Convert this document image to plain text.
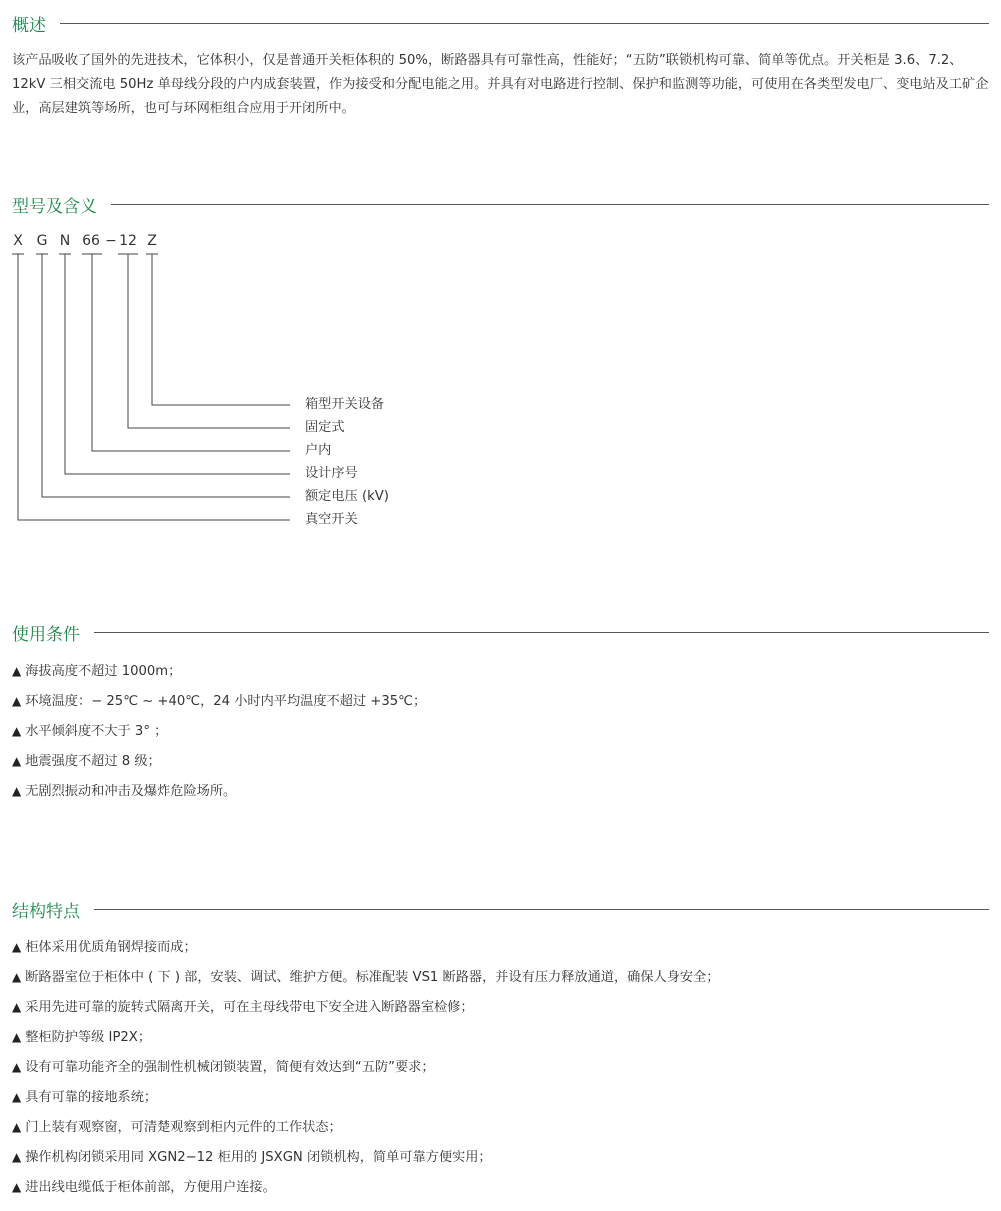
概述
该产品吸收了国外的先进技术，它体积小，仅是普通开关柜体积的 50%，断路器具有可靠性高，性能好；“五防”联锁机构可靠、简单等优点。开关柜是 3.6、7.2、12kV 三相交流电 50Hz 单母线分段的户内成套装置，作为接受和分配电能之用。并具有对电路进行控制、保护和监测等功能，可使用在各类型发电厂、变电站及工矿企业，高层建筑等场所，也可与环网柜组合应用于开闭所中。
型号及含义
X G N 66 − 12 Z
箱型开关设备
固定式
户内
设计序号
额定电压 (kV)
真空开关
使用条件
▲ 海拔高度不超过 1000m；
▲ 环境温度：− 25℃ ~ +40℃，24 小时内平均温度不超过 +35℃；
▲ 水平倾斜度不大于 3° ；
▲ 地震强度不超过 8 级；
▲ 无剧烈振动和冲击及爆炸危险场所。
结构特点
▲ 柜体采用优质角钢焊接而成；
▲ 断路器室位于柜体中 ( 下 ) 部，安装、调试、维护方便。标准配装 VS1 断路器，并设有压力释放通道，确保人身安全；
▲ 采用先进可靠的旋转式隔离开关，可在主母线带电下安全进入断路器室检修；
▲ 整柜防护等级 IP2X；
▲ 设有可靠功能齐全的强制性机械闭锁装置，简便有效达到“五防”要求；
▲ 具有可靠的接地系统；
▲ 门上装有观察窗，可清楚观察到柜内元件的工作状态；
▲ 操作机构闭锁采用同 XGN2−12 柜用的 JSXGN 闭锁机构，简单可靠方便实用；
▲ 进出线电缆低于柜体前部，方便用户连接。
